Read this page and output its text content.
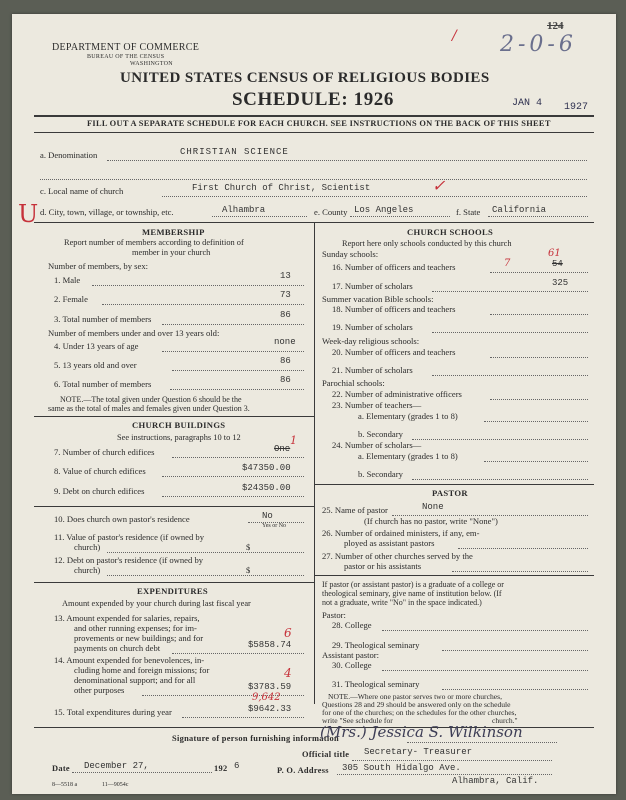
DEPARTMENT OF COMMERCE
BUREAU OF THE CENSUS
WASHINGTON
UNITED STATES CENSUS OF RELIGIOUS BODIES
SCHEDULE: 1926
124
/ 2-0-6
JAN 4 1927
FILL OUT A SEPARATE SCHEDULE FOR EACH CHURCH. SEE INSTRUCTIONS ON THE BACK OF THIS SHEET
a. Denomination	CHRISTIAN SCIENCE
c. Local name of church	First Church of Christ, Scientist	✓
U d. City, town, village, or township, etc.	Alhambra	e. County Los Angeles	f. State California
MEMBERSHIP
Report number of members according to definition of
member in your church
Number of members, by sex:
1. Male	13
2. Female	73
3. Total number of members	86
Number of members under and over 13 years old:
4. Under 13 years of age	none
5. 13 years old and over	86
6. Total number of members	86
NOTE.—The total given under Question 6 should be the
same as the total of males and females given under Question 3.
CHURCH BUILDINGS
See instructions, paragraphs 10 to 12
7. Number of church edifices	One
1
8. Value of church edifices	$47350.00
9. Debt on church edifices	$24350.00
10. Does church own pastor's residence	No
Yes or No
11. Value of pastor's residence (if owned by
church)	$
12. Debt on pastor's residence (if owned by
church)	$
EXPENDITURES
Amount expended by your church during last fiscal year
13. Amount expended for salaries, repairs,
and other running expenses; for im-
provements or new buildings; and for
payments on church debt	$5858.74
6
14. Amount expended for benevolences, in-
cluding home and foreign missions; for
denominational support; and for all
other purposes	$3783.59
4
15. Total expenditures during year	$9642.33
9,642
CHURCH SCHOOLS
Report here only schools conducted by this church
Sunday schools:
16. Number of officers and teachers	54
61
7
17. Number of scholars	325
Summer vacation Bible schools:
18. Number of officers and teachers
19. Number of scholars
Week-day religious schools:
20. Number of officers and teachers
21. Number of scholars
Parochial schools:
22. Number of administrative officers
23. Number of teachers—
a. Elementary (grades 1 to 8)
b. Secondary
24. Number of scholars—
a. Elementary (grades 1 to 8)
b. Secondary
PASTOR
25. Name of pastor	None
(If church has no pastor, write "None")
26. Number of ordained ministers, if any, em-
ployed as assistant pastors
27. Number of other churches served by the
pastor or his assistants
If pastor (or assistant pastor) is a graduate of a college or
theological seminary, give name of institution below. (If
not a graduate, write "No" in the space indicated.)
Pastor:
28. College
29. Theological seminary
Assistant pastor:
30. College
31. Theological seminary
NOTE.—Where one pastor serves two or more churches,
Questions 28 and 29 should be answered only on the schedule
for one of the churches; on the schedules for the other churches,
write "See schedule for	church."
Signature of person furnishing information
(Mrs.) Jessica S. Wilkinson
Official title Secretary- Treasurer
Date December 27,	192 6	P. O. Address 305 South Hidalgo Ave.
Alhambra, Calif.
8—5518 a	11—9054c
